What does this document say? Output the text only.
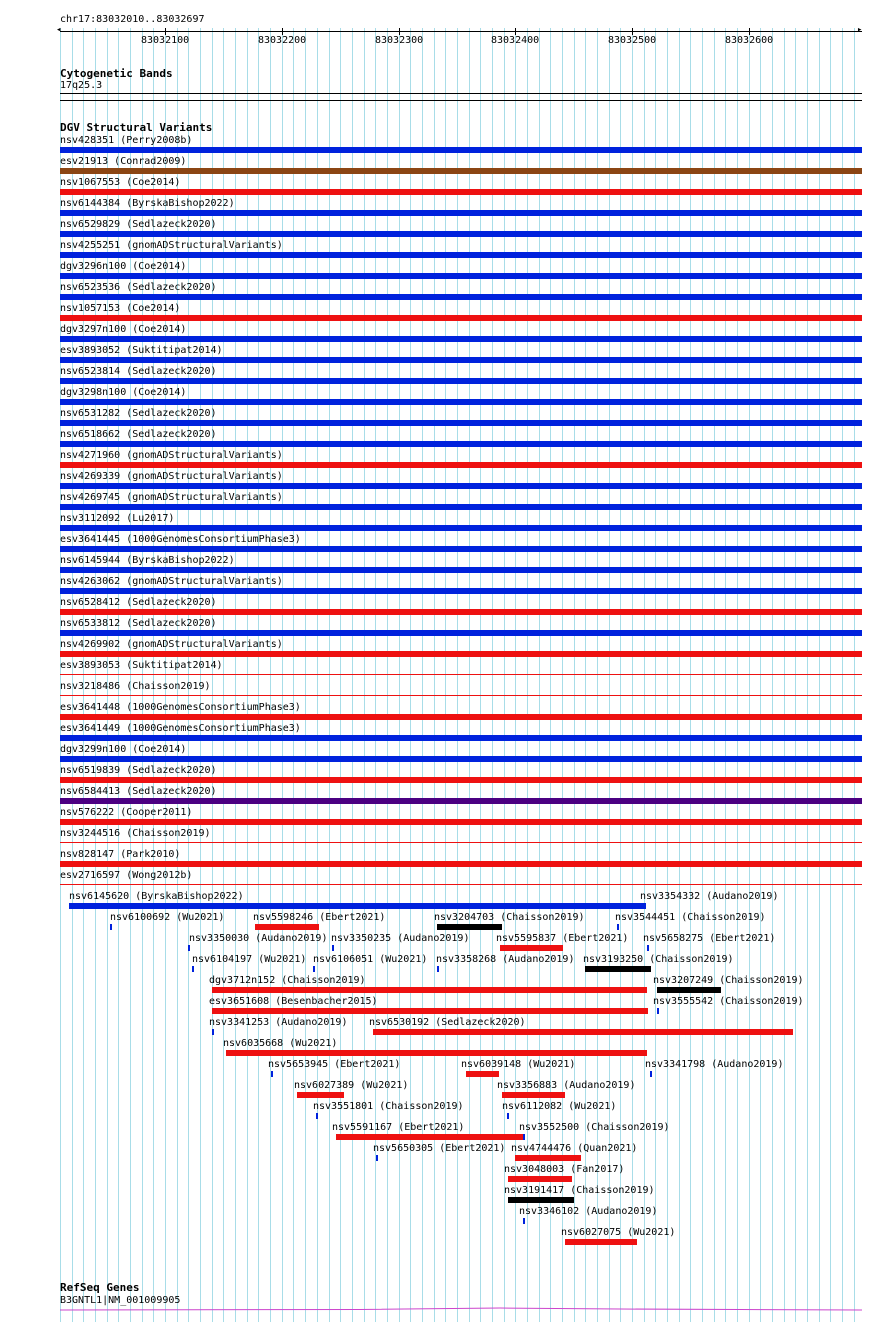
chr17:83032010..83032697
83032100	83032200	83032300	83032400	83032500	83032600
◂	▸
Cytogenetic Bands
17q25.3
DGV Structural Variants
nsv428351 (Perry2008b)
esv21913 (Conrad2009)
nsv1067553 (Coe2014)
nsv6144384 (ByrskaBishop2022)
nsv6529829 (Sedlazeck2020)
nsv4255251 (gnomADStructuralVariants)
dgv3296n100 (Coe2014)
nsv6523536 (Sedlazeck2020)
nsv1057153 (Coe2014)
dgv3297n100 (Coe2014)
esv3893052 (Suktitipat2014)
nsv6523814 (Sedlazeck2020)
dgv3298n100 (Coe2014)
nsv6531282 (Sedlazeck2020)
nsv6518662 (Sedlazeck2020)
nsv4271960 (gnomADStructuralVariants)
nsv4269339 (gnomADStructuralVariants)
nsv4269745 (gnomADStructuralVariants)
nsv3112092 (Lu2017)
esv3641445 (1000GenomesConsortiumPhase3)
nsv6145944 (ByrskaBishop2022)
nsv4263062 (gnomADStructuralVariants)
nsv6528412 (Sedlazeck2020)
nsv6533812 (Sedlazeck2020)
nsv4269902 (gnomADStructuralVariants)
esv3893053 (Suktitipat2014)
nsv3218486 (Chaisson2019)
esv3641448 (1000GenomesConsortiumPhase3)
esv3641449 (1000GenomesConsortiumPhase3)
dgv3299n100 (Coe2014)
nsv6519839 (Sedlazeck2020)
nsv6584413 (Sedlazeck2020)
nsv576222 (Cooper2011)
nsv3244516 (Chaisson2019)
nsv828147 (Park2010)
esv2716597 (Wong2012b)
nsv6145620 (ByrskaBishop2022)	nsv3354332 (Audano2019)
nsv6100692 (Wu2021)	nsv5598246 (Ebert2021)	nsv3204703 (Chaisson2019)	nsv3544451 (Chaisson2019)
nsv3350030 (Audano2019) nsv3350235 (Audano2019)	nsv5595837 (Ebert2021) nsv5658275 (Ebert2021)
nsv6104197 (Wu2021) nsv6106051 (Wu2021) nsv3358268 (Audano2019) nsv3193250 (Chaisson2019)
dgv3712n152 (Chaisson2019)	nsv3207249 (Chaisson2019)
esv3651608 (Besenbacher2015)	nsv3555542 (Chaisson2019)
nsv3341253 (Audano2019) nsv6530192 (Sedlazeck2020)
nsv6035668 (Wu2021)
nsv5653945 (Ebert2021)	nsv6039148 (Wu2021)	nsv3341798 (Audano2019)
nsv6027389 (Wu2021)	nsv3356883 (Audano2019)
nsv3551801 (Chaisson2019)	nsv6112082 (Wu2021)
nsv5591167 (Ebert2021)	nsv3552500 (Chaisson2019)
nsv5650305 (Ebert2021) nsv4744476 (Quan2021)
nsv3048003 (Fan2017)
nsv3191417 (Chaisson2019)
nsv3346102 (Audano2019)
nsv6027075 (Wu2021)
RefSeq Genes
B3GNTL1|NM_001009905
